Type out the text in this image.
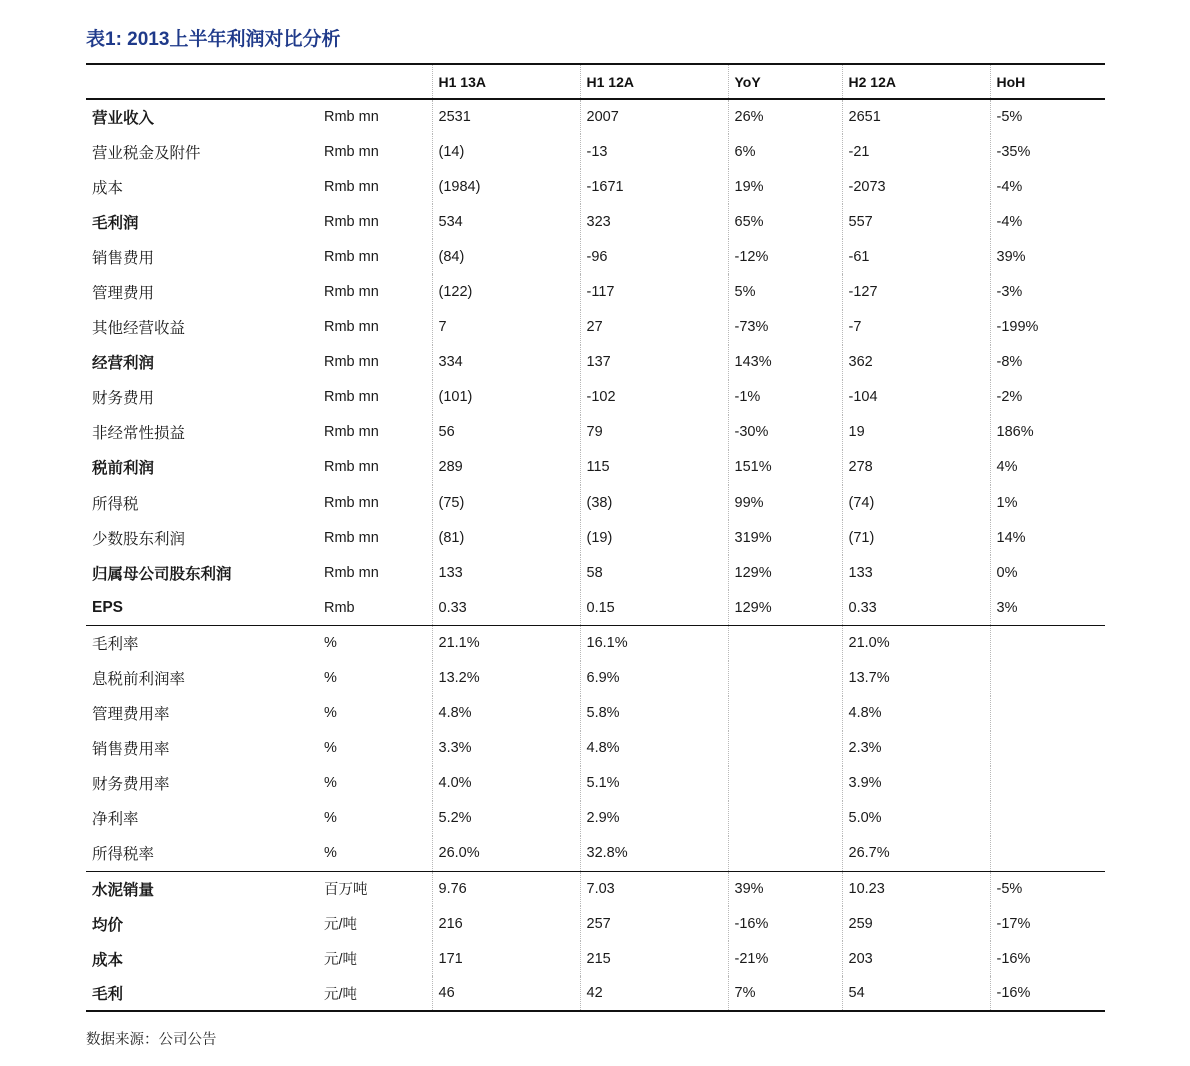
表1: 2013上半年利润对比分析
		H1 13A	H1 12A	YoY	H2 12A	HoH
营业收入	Rmb mn	2531	2007	26%	2651	-5%
营业税金及附件	Rmb mn	(14)	-13	6%	-21	-35%
成本	Rmb mn	(1984)	-1671	19%	-2073	-4%
毛利润	Rmb mn	534	323	65%	557	-4%
销售费用	Rmb mn	(84)	-96	-12%	-61	39%
管理费用	Rmb mn	(122)	-117	5%	-127	-3%
其他经营收益	Rmb mn	7	27	-73%	-7	-199%
经营利润	Rmb mn	334	137	143%	362	-8%
财务费用	Rmb mn	(101)	-102	-1%	-104	-2%
非经常性损益	Rmb mn	56	79	-30%	19	186%
税前利润	Rmb mn	289	115	151%	278	4%
所得税	Rmb mn	(75)	(38)	99%	(74)	1%
少数股东利润	Rmb mn	(81)	(19)	319%	(71)	14%
归属母公司股东利润	Rmb mn	133	58	129%	133	0%
EPS	Rmb	0.33	0.15	129%	0.33	3%
毛利率	%	21.1%	16.1%		21.0%	
息税前利润率	%	13.2%	6.9%		13.7%	
管理费用率	%	4.8%	5.8%		4.8%	
销售费用率	%	3.3%	4.8%		2.3%	
财务费用率	%	4.0%	5.1%		3.9%	
净利率	%	5.2%	2.9%		5.0%	
所得税率	%	26.0%	32.8%		26.7%	
水泥销量	百万吨	9.76	7.03	39%	10.23	-5%
均价	元/吨	216	257	-16%	259	-17%
成本	元/吨	171	215	-21%	203	-16%
毛利	元/吨	46	42	7%	54	-16%
数据来源：公司公告
